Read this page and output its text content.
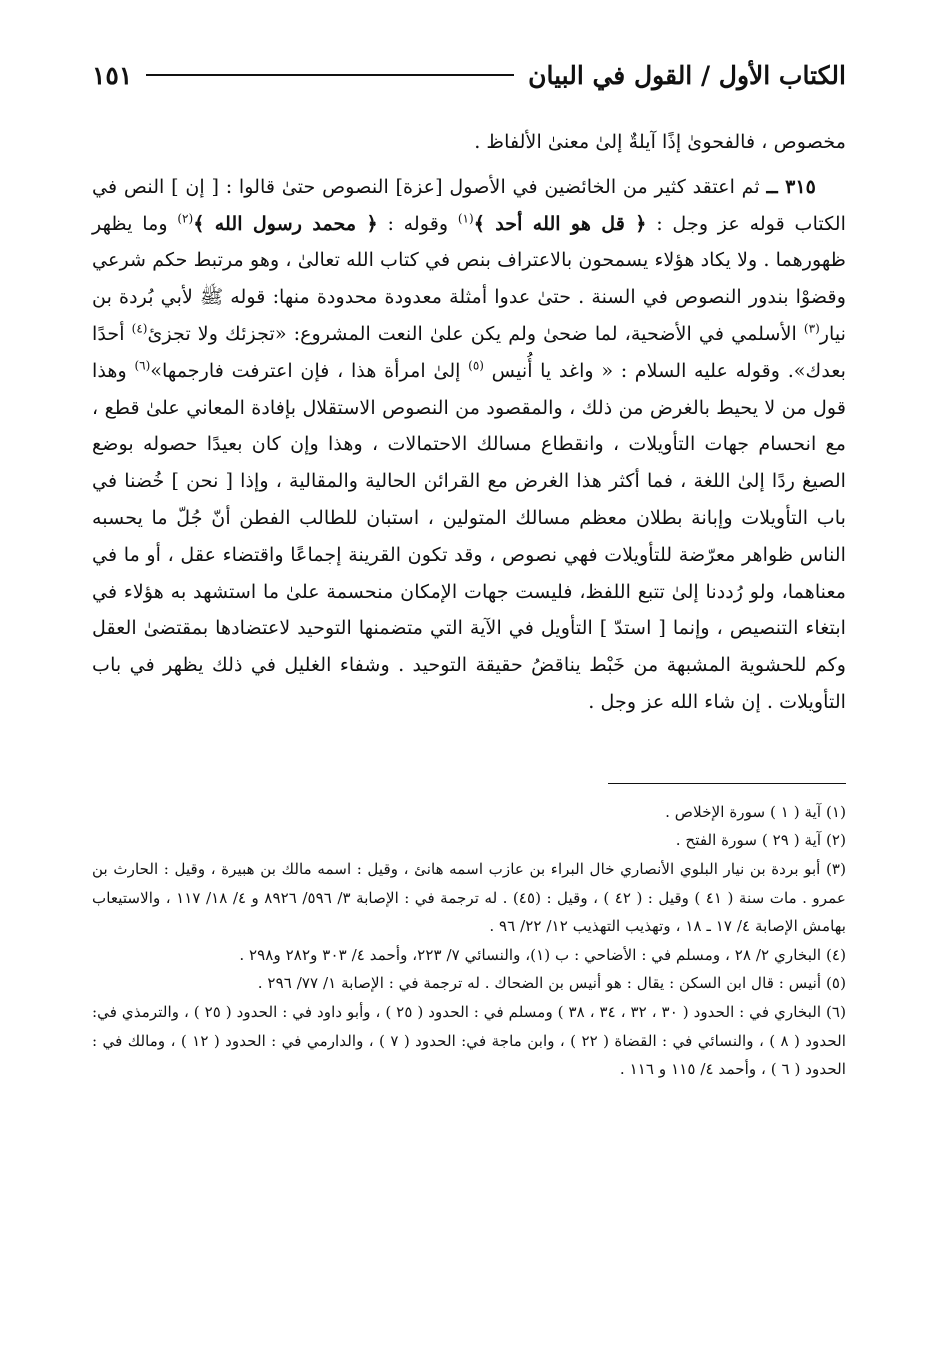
الكتاب الأول / القول في البيان
١٥١

مخصوص ، فالفحوىٰ إذًا آيلةٌ إلىٰ معنىٰ الألفاظ .

٣١٥ ــ ثم اعتقد كثير من الخائضين في الأصول [عزة] النصوص حتىٰ قالوا : [ إن ] النص في الكتاب قوله عز وجل : ﴿ قل هو الله أحد ﴾$^{(١)}$ وقوله : ﴿ محمد رسول الله ﴾$^{(٢)}$ وما يظهر ظهورهما . ولا يكاد هؤلاء يسمحون بالاعتراف بنص في كتاب الله تعالىٰ ، وهو مرتبط حكم شرعي وقضوْا بندور النصوص في السنة . حتىٰ عدوا أمثلة معدودة محدودة منها: قوله ﷺ لأبي بُردة بن نيار$^{(٣)}$ الأسلمي في الأضحية، لما ضحىٰ ولم يكن علىٰ النعت المشروع: «تجزئك ولا تجزئ$^{(٤)}$ أحدًا بعدك». وقوله عليه السلام : « واغد يا أُنيس $^{(٥)}$ إلىٰ امرأة هذا ، فإن اعترفت فارجمها»$^{(٦)}$ وهذا قول من لا يحيط بالغرض من ذلك ، والمقصود من النصوص الاستقلال بإفادة المعاني علىٰ قطع ، مع انحسام جهات التأويلات ، وانقطاع مسالك الاحتمالات ، وهذا وإن كان بعيدًا حصوله بوضع الصيغ ردًا إلىٰ اللغة ، فما أكثر هذا الغرض مع القرائن الحالية والمقالية ، وإذا [ نحن ] خُضنا في باب التأويلات وإبانة بطلان معظم مسالك المتولين ، استبان للطالب الفطن أنّ جُلّ ما يحسبه الناس ظواهر معرّضة للتأويلات فهي نصوص ، وقد تكون القرينة إجماعًا واقتضاء عقل ، أو ما في معناهما، ولو رُددنا إلىٰ تتبع اللفظ، فليست جهات الإمكان منحسمة علىٰ ما استشهد به هؤلاء في ابتغاء التنصيص ، وإنما [ استدّ ] التأويل في الآية التي متضمنها التوحيد لاعتضادها بمقتضىٰ العقل وكم للحشوية المشبهة من خَبْط يناقضُ حقيقة التوحيد . وشفاء الغليل في ذلك يظهر في باب التأويلات . إن شاء الله عز وجل .

(١) آية ( ١ ) سورة الإخلاص .

(٢) آية ( ٢٩ ) سورة الفتح .

(٣) أبو بردة بن نيار البلوي الأنصاري خال البراء بن عازب اسمه هانئ ، وقيل : اسمه مالك بن هبيرة ، وقيل : الحارث بن عمرو . مات سنة ( ٤١ ) وقيل : ( ٤٢ ) ، وقيل : (٤٥) . له ترجمة في : الإصابة ٣/ ٥٩٦/ ٨٩٢٦ و ٤/ ١٨/ ١١٧ ، والاستيعاب بهامش الإصابة ٤/ ١٧ ـ ١٨ ، وتهذيب التهذيب ١٢/ ٢٢/ ٩٦ .

(٤) البخاري ٢/ ٢٨ ، ومسلم في : الأضاحي : ب (١)، والنسائي ٧/ ٢٢٣، وأحمد ٤/ ٣٠٣ و٢٨٢ و٢٩٨ .

(٥) أنيس : قال ابن السكن : يقال : هو أنيس بن الضحاك . له ترجمة في : الإصابة ١/ ٧٧/ ٢٩٦ .

(٦) البخاري في : الحدود ( ٣٠ ، ٣٢ ، ٣٤ ، ٣٨ ) ومسلم في : الحدود ( ٢٥ ) ، وأبو داود في : الحدود ( ٢٥ ) ، والترمذي في: الحدود ( ٨ ) ، والنسائي في : القضاة ( ٢٢ ) ، وابن ماجة في: الحدود ( ٧ ) ، والدارمي في : الحدود ( ١٢ ) ، ومالك في : الحدود ( ٦ ) ، وأحمد ٤/ ١١٥ و ١١٦ .
